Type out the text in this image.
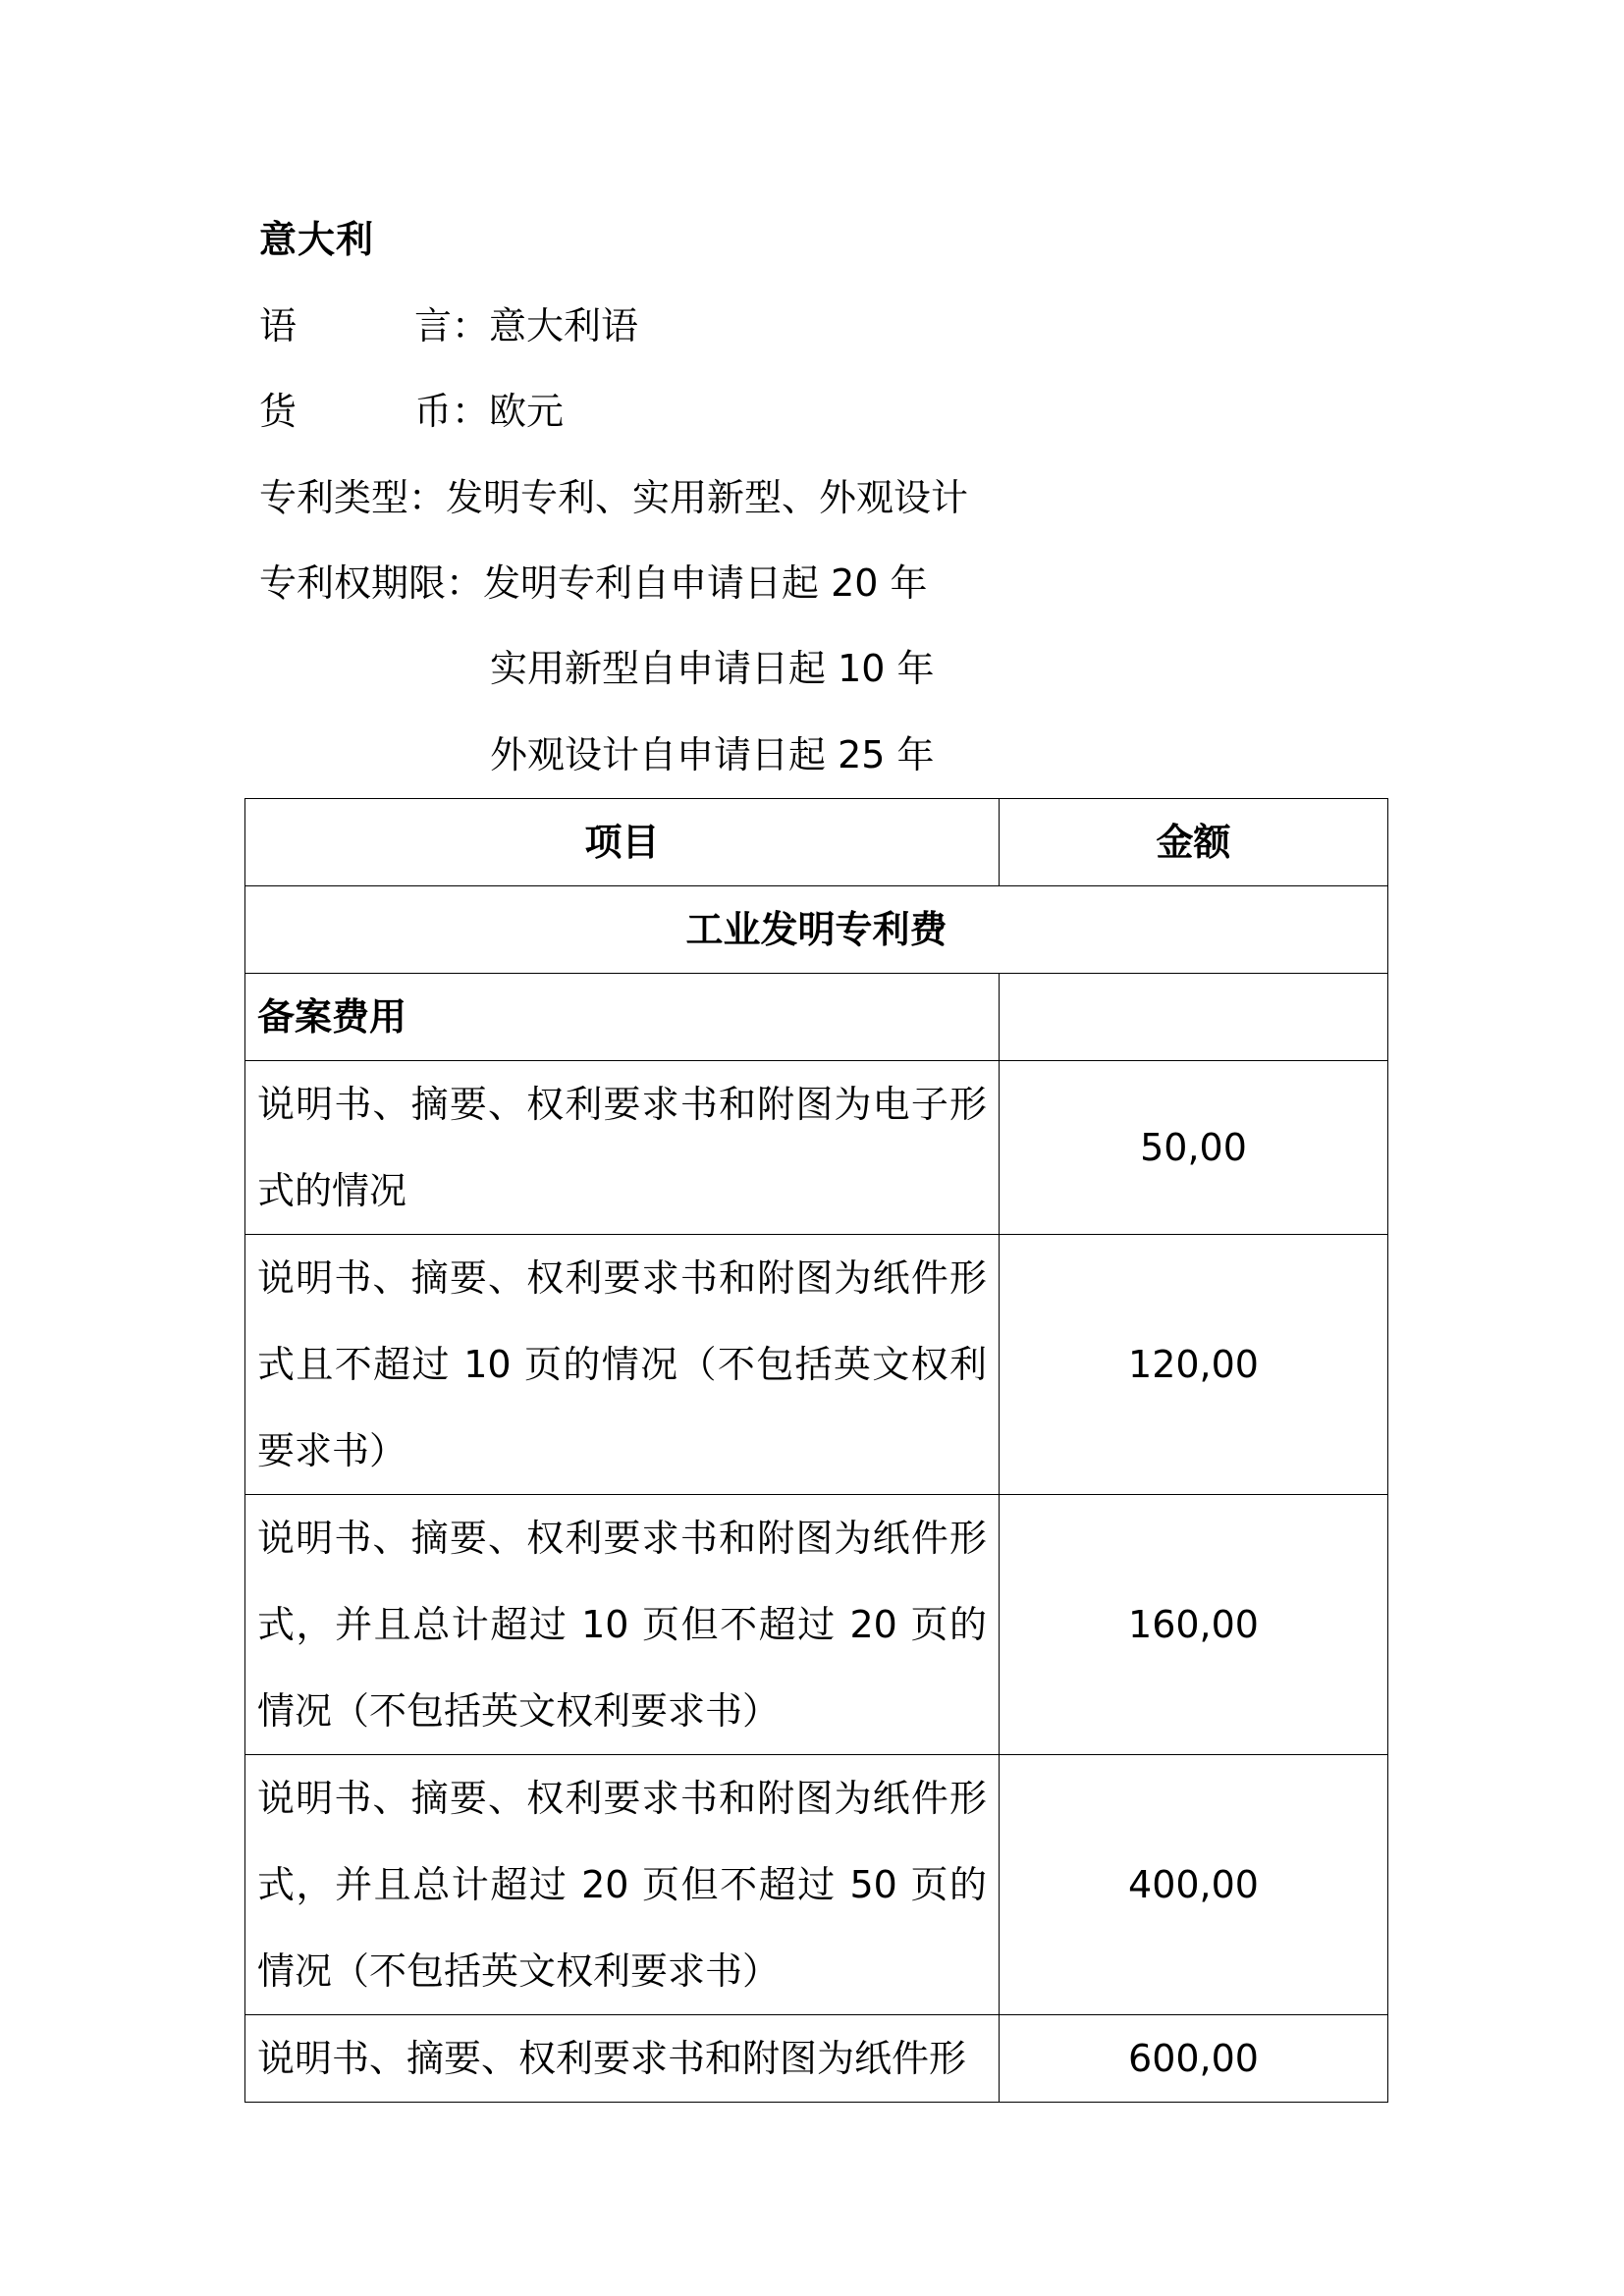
意大利
语　　言：意大利语
货　　币：欧元
专利类型：发明专利、实用新型、外观设计
专利权期限：发明专利自申请日起 20 年
实用新型自申请日起 10 年
外观设计自申请日起 25 年
项目	金额
工业发明专利费	
备案费用	
说明书、摘要、权利要求书和附图为电子形式的情况	50,00
说明书、摘要、权利要求书和附图为纸件形式且不超过 10 页的情况（不包括英文权利要求书）	120,00
说明书、摘要、权利要求书和附图为纸件形式，并且总计超过 10 页但不超过 20 页的情况（不包括英文权利要求书）	160,00
说明书、摘要、权利要求书和附图为纸件形式，并且总计超过 20 页但不超过 50 页的情况（不包括英文权利要求书）	400,00
说明书、摘要、权利要求书和附图为纸件形	600,00
